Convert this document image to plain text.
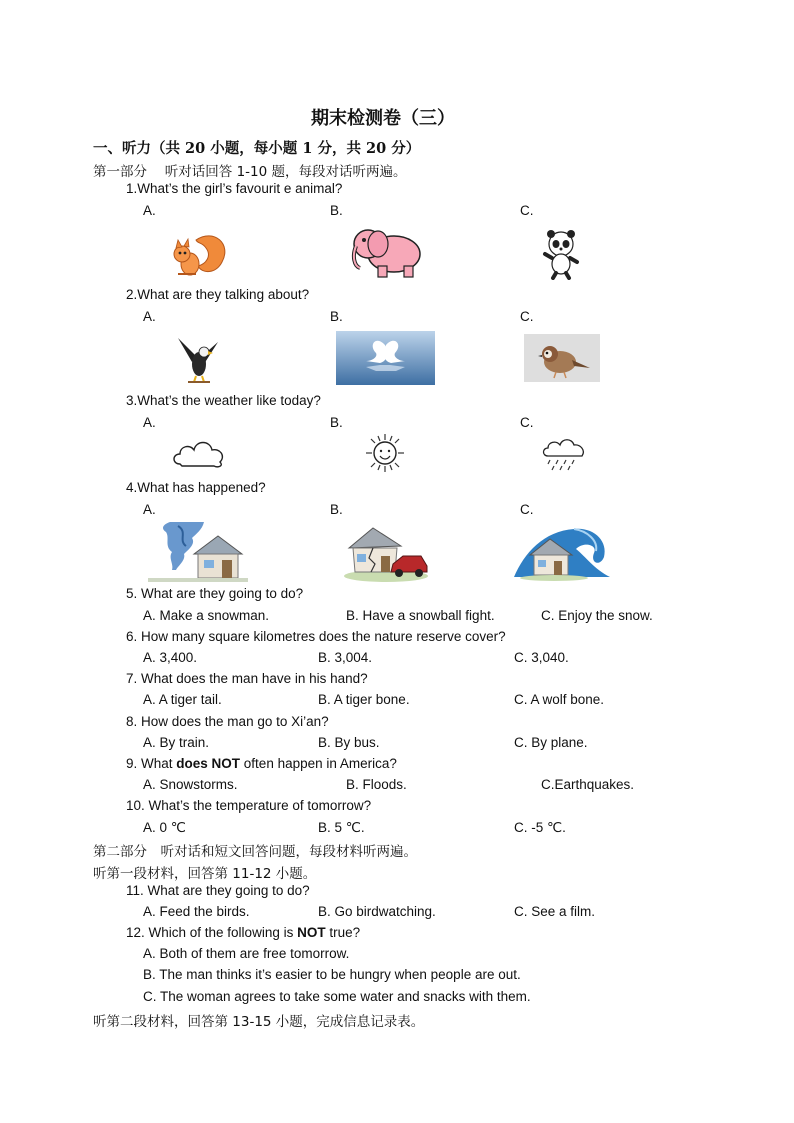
期末检测卷（三）
一、听力（共 20 小题，每小题 1 分，共 20 分）
第一部分　 听对话回答 1-10 题，每段对话听两遍。
1.What’s the girl’s favourit e animal?
A.	B.	C.
2.What are they talking about?
A.	B.	C.
3.What’s the weather like today?
A.	B.	C.
4.What has happened?
A.	B.	C.
5. What are they going to do?
A. Make a snowman.	B. Have a snowball fight.	C. Enjoy the snow.
6. How many square kilometres does the nature reserve cover?
A. 3,400.	B. 3,004.	C. 3,040.
7. What does the man have in his hand?
A. A tiger tail.	B. A tiger bone.	C. A wolf bone.
8. How does the man go to Xi’an?
A. By train.	B. By bus.	C. By plane.
9. What does NOT often happen in America?
A. Snowstorms.	B. Floods.	C.Earthquakes.
10. What’s the temperature of tomorrow?
A. 0 ℃	B. 5 ℃.	C. -5 ℃.
第二部分　听对话和短文回答问题，每段材料听两遍。
听第一段材料，回答第 11-12 小题。
11. What are they going to do?
A. Feed the birds.	B. Go birdwatching.	C. See a film.
12. Which of the following is NOT true?
A. Both of them are free tomorrow.
B. The man thinks it’s easier to be hungry when people are out.
C. The woman agrees to take some water and snacks with them.
听第二段材料，回答第 13-15 小题，完成信息记录表。
